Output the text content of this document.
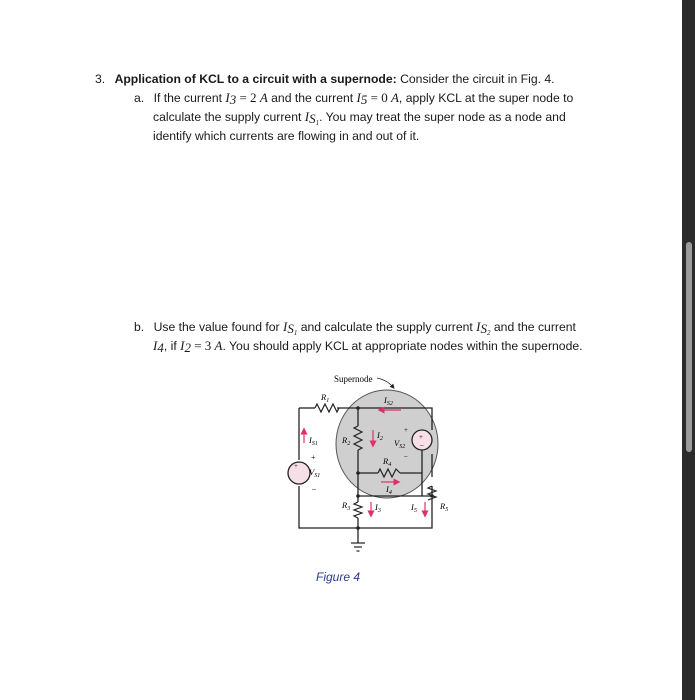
3. Application of KCL to a circuit with a supernode: Consider the circuit in Fig. 4.
a. If the current $I_3 = 2$ A and the current $I_5 = 0$ A, apply KCL at the super node to
calculate the supply current $I_{S_1}$. You may treat the super node as a node and
identify which currents are flowing in and out of it.
b. Use the value found for $I_{S_1}$ and calculate the supply current $I_{S_2}$ and the current
$I_4$, if $I_2 = 3$ A. You should apply KCL at appropriate nodes within the supernode.
Supernode
$R_1$
$R_2$
$R_3$
$R_4$
$R_5$
+
$V_{S1}$
+
–
$I_{S1}$
+
–
$V_{S2}$
+
–
$I_{S2}$
$I_2$
$I_4$
$I_3$	$I_5$
Figure 4
